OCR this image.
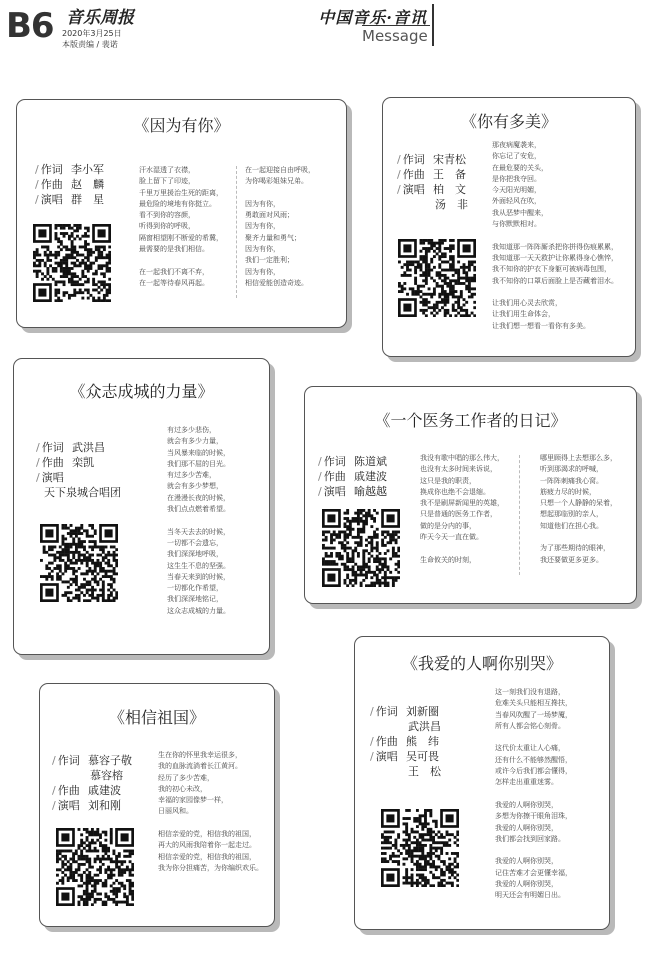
B6 音乐周报
2020年3月25日
本版责编 / 裴诺
中国音乐·音讯
Message
《因为有你》
/ 作词 李小军
/ 作曲 赵　麟
/ 演唱 群　星
汗水湿透了衣襟，
脸上留下了印迹，
千里万里援治生死的距离，
最危险的境地有你挺立。
看不到你的容颜，
听得到你的呼吸，
隔窗相望刚不断爱的希冀，
最需要的是我们相信。
在一起我们不离不弃，
在一起等待春风再起。
在一起迎接自由呼吸，
为你喝彩姐妹兄弟。
因为有你，
勇敢面对风雨；
因为有你，
聚齐力量和勇气；
因为有你，
我们一定胜利；
因为有你，
相信爱能创造奇迹。
《你有多美》
/ 作词 宋青松
/ 作曲 王　备
/ 演唱 柏　文
汤　非
那夜病魔袭来，
你忘记了安危，
在最危要的关头，
是你把我夺回。
今天阳光明媚，
外面轻风在吹，
我从恶梦中醒来，
与你默默相对。
我知道那一阵阵厮杀把你拼得伤痕累累，
我知道那一天天救护让你累得身心憔悴，
我不知你的护衣下身躯可被病毒包围，
我不知你的口罩后面脸上是否藏着泪水。
让我们用心灵去欣赏，
让我们用生命体会，
让我们想一想看一看你有多美。
《众志成城的力量》
/ 作词 武洪昌
/ 作曲 栾凯
/ 演唱
天下泉城合唱团
有过多少悲伤，
就会有多少力量，
当风暴来临的时候，
我们那不屈的目光。
有过多少苦难，
就会有多少梦想，
在漫漫长夜的时候，
我们点点燃着希望。
当冬天去去的时候，
一切都不会遗忘，
我们深深地呼吸，
这生生不息的坚强。
当春天来到的时候，
一切都化作希望，
我们深深地铭记，
这众志成城的力量。
《一个医务工作者的日记》
/ 作词 陈道斌
/ 作曲 戚建波
/ 演唱 喻越越
我没有歌中唱的那么伟大，
也没有太多时间来诉说，
这只是我的职责，
换成你也绝不会退缩。
我不是刷屏新闻里的英雄，
只是普通的医务工作者，
做的是分内的事，
昨天今天一直在做。
生命攸关的时刻，
哪里顾得上去想那么多，
听到那渴求的呼喊，
一阵阵刺痛我心窝。
筋疲力尽的时候，
只想一个人静静的呆着，
想起那临别的亲人，
知道他们在担心我。
为了那些期待的眼神，
我还要做更多更多。
《相信祖国》
/ 作词 慕容子敬
慕容榕
/ 作曲 戚建波
/ 演唱 刘和刚
生在你的怀里我幸运很多，
我的血脉流淌着长江黄河。
经历了多少苦难，
我的初心未改，
幸福的家园像梦一样，
日丽风和。
相信亲爱的党，相信我的祖国，
再大的风雨我陪着你一起走过。
相信亲爱的党，相信我的祖国，
我为你分担痛苦，为你编织欢乐。
《我爱的人啊你别哭》
/ 作词 刘新圈
武洪昌
/ 作曲 熊　纬
/ 演唱 吴可畏
王　松
这一刻我们没有退路，
危难关头只能相互搀扶，
当春风吹醒了一场梦魇，
所有人都会铭心刻骨。
这代价太重让人心痛，
还有什么不能够然醒悟，
或许今后我们都会懂得，
怎样走出重重迷雾。
我爱的人啊你别哭，
多想为你擦干眼角泪珠，
我爱的人啊你别哭，
我们都会找到回家路。
我爱的人啊你别哭，
记住苦难才会更懂幸福，
我爱的人啊你别哭，
明天还会有明媚日出。
